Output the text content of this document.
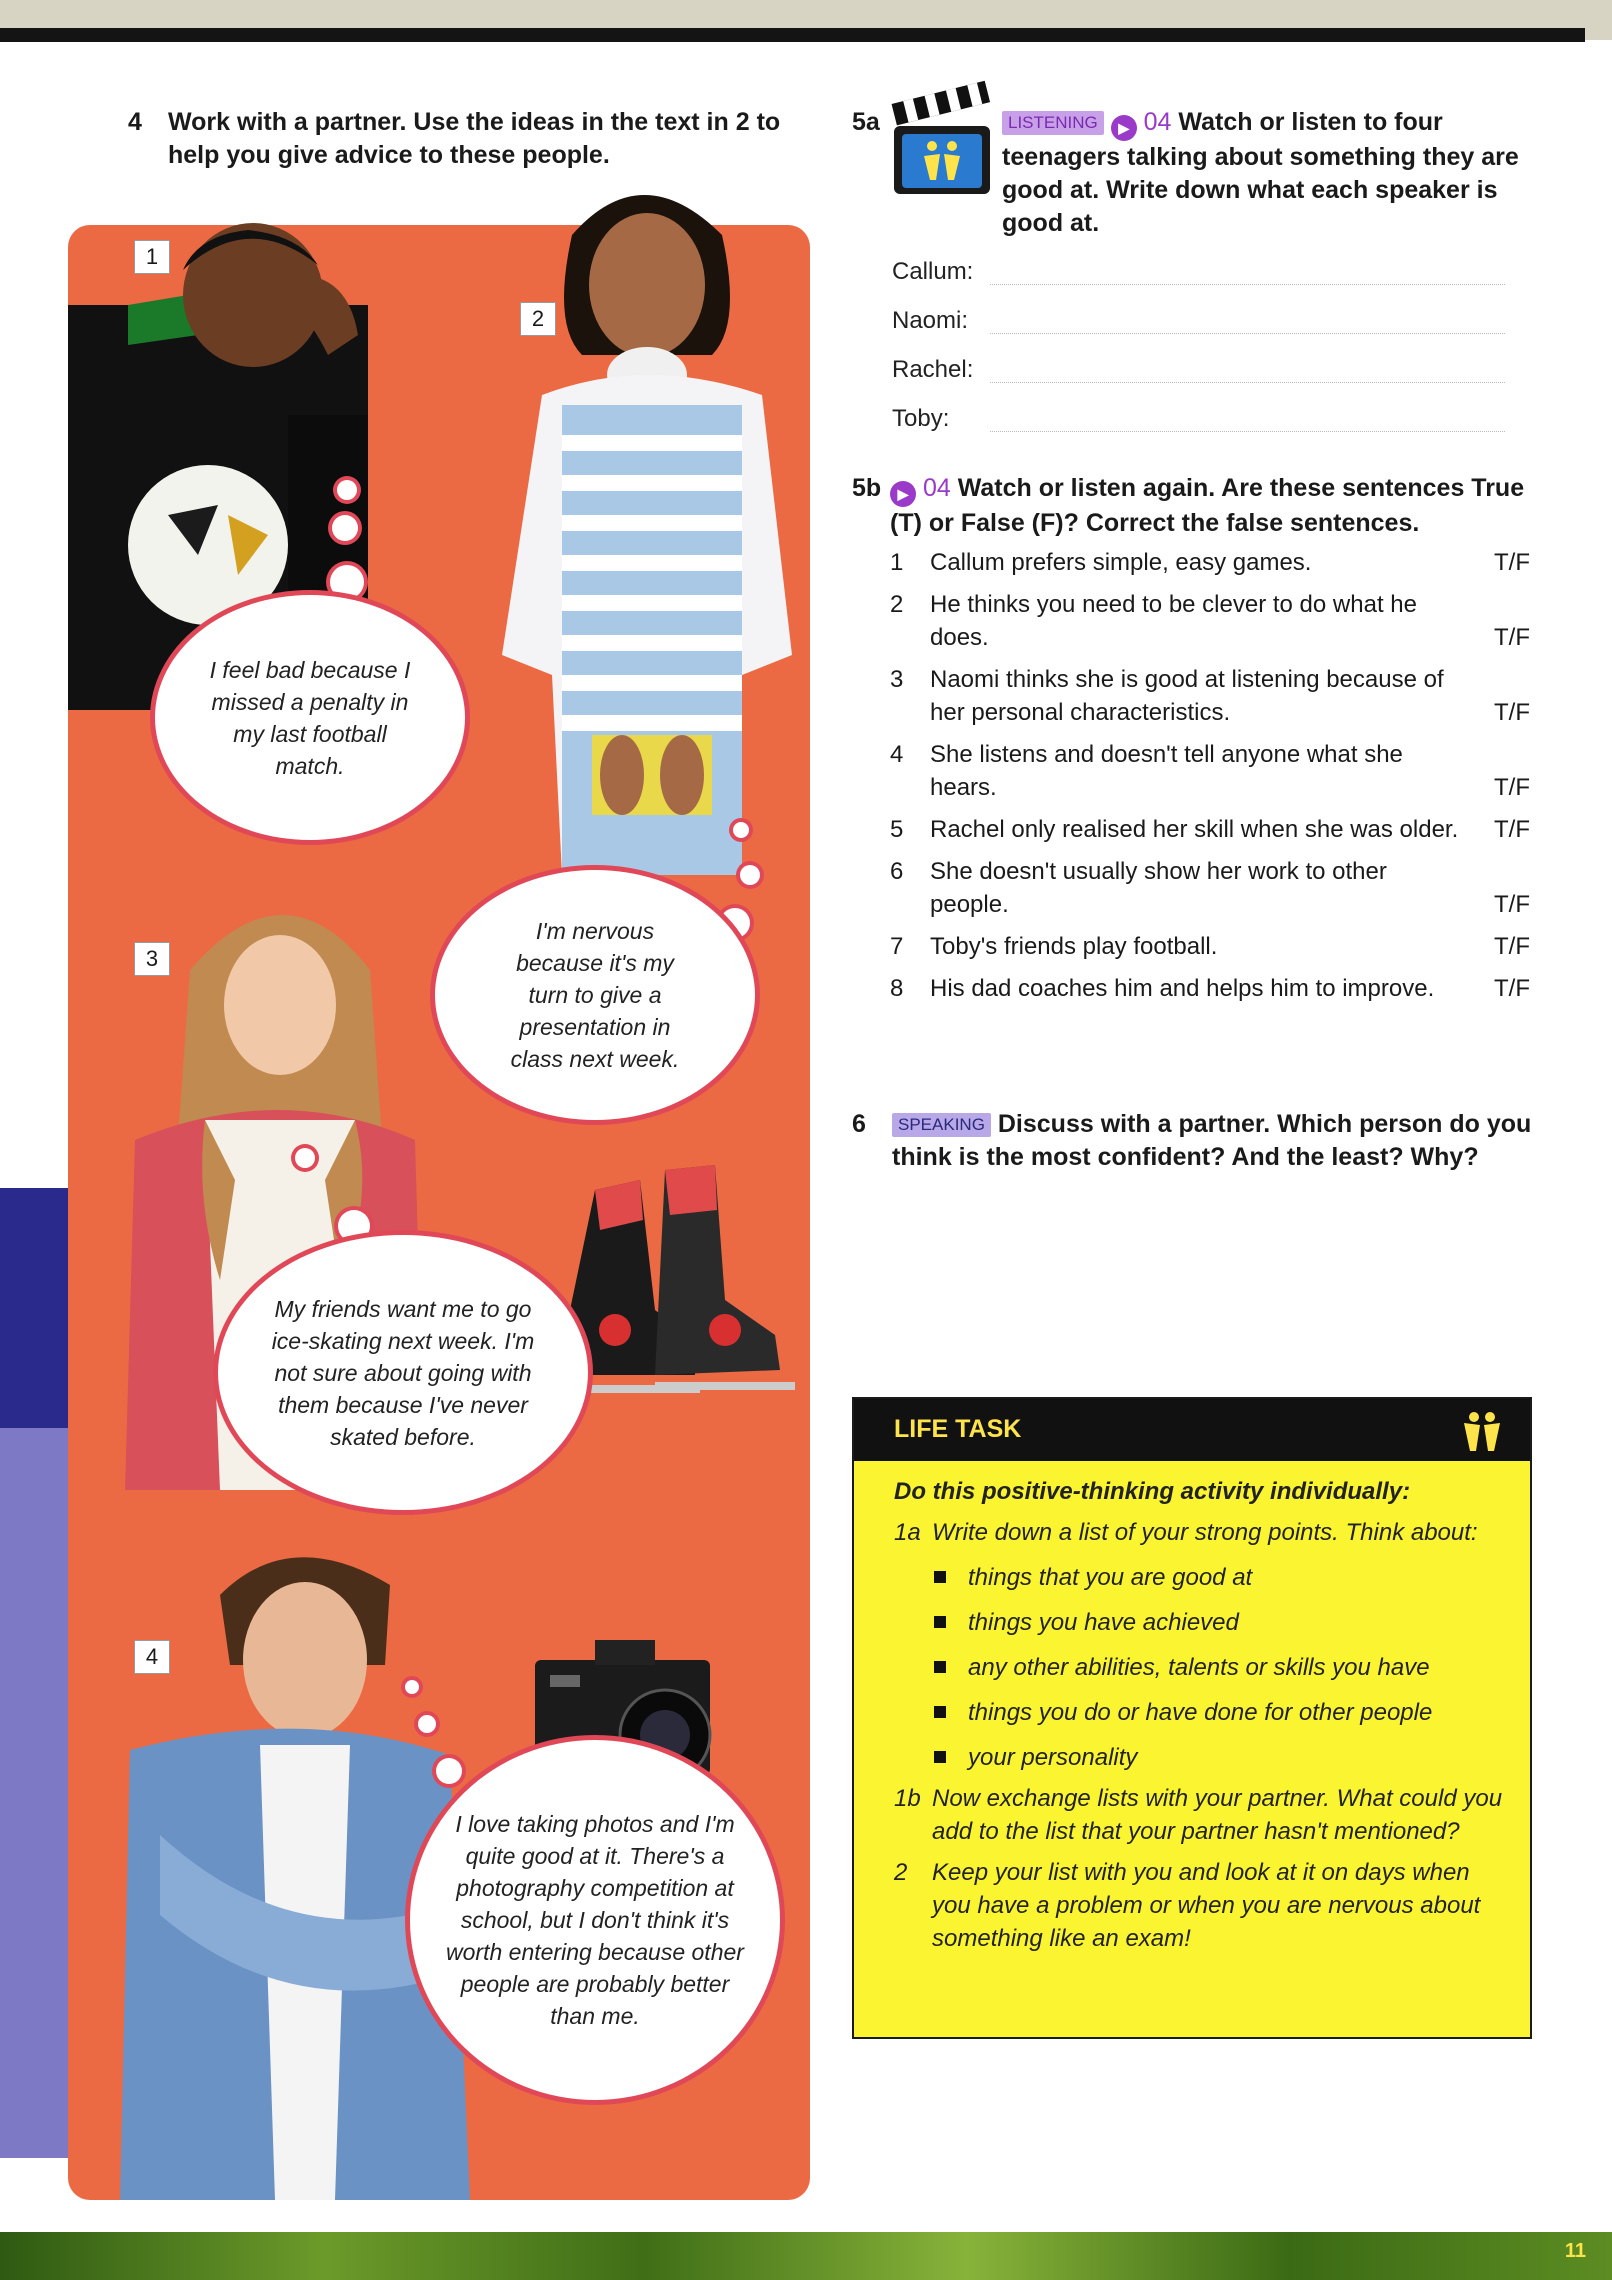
4	Work with a partner. Use the ideas in the text in 2 to help you give advice to these people.
1
I feel bad because I missed a penalty in my last football match.
2
I'm nervous because it's my turn to give a presentation in class next week.
3
My friends want me to go ice-skating next week. I'm not sure about going with them because I've never skated before.
4
I love taking photos and I'm quite good at it. There's a photography competition at school, but I don't think it's worth entering because other people are probably better than me.
5a	LISTENING ▶ 04 Watch or listen to four teenagers talking about something they are good at. Write down what each speaker is good at.
Callum:
Naomi:
Rachel:
Toby:
5b	▶ 04 Watch or listen again. Are these sentences True (T) or False (F)? Correct the false sentences.
1 Callum prefers simple, easy games.	T/F
2 He thinks you need to be clever to do what he does.	T/F
3 Naomi thinks she is good at listening because of her personal characteristics.	T/F
4 She listens and doesn't tell anyone what she hears.	T/F
5 Rachel only realised her skill when she was older. T/F
6 She doesn't usually show her work to other people.	T/F
7 Toby's friends play football.	T/F
8 His dad coaches him and helps him to improve.	T/F
6	SPEAKING Discuss with a partner. Which person do you think is the most confident? And the least? Why?
LIFE TASK
Do this positive-thinking activity individually:
1a Write down a list of your strong points. Think about:
things that you are good at
things you have achieved
any other abilities, talents or skills you have
things you do or have done for other people
your personality
1b Now exchange lists with your partner. What could you add to the list that your partner hasn't mentioned?
2 Keep your list with you and look at it on days when you have a problem or when you are nervous about something like an exam!
11
